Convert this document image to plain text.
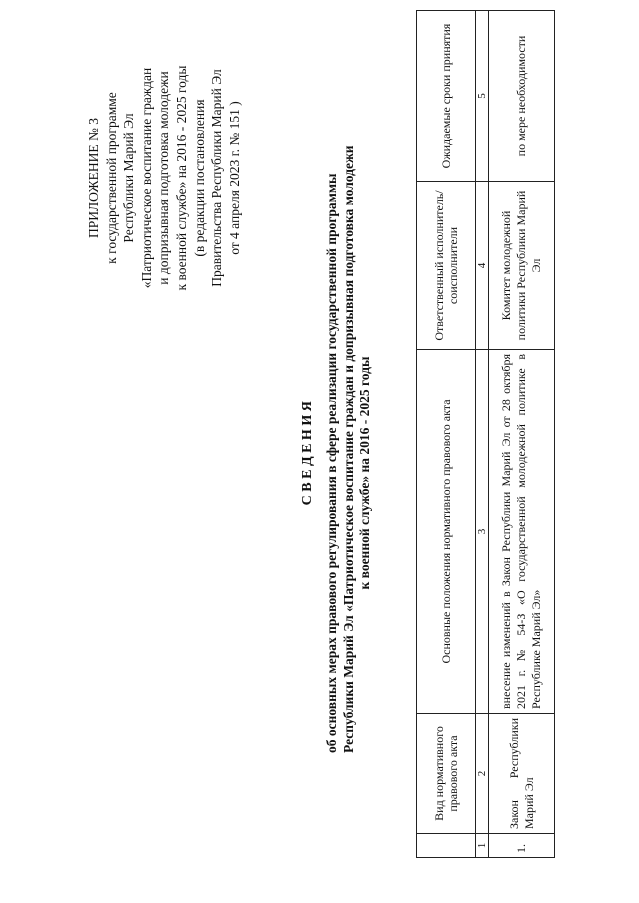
ПРИЛОЖЕНИЕ № 3 к государственной программе Республики Марий Эл «Патриотическое воспитание граждан и допризывная подготовка молодежи к военной службе» на 2016 - 2025 годы (в редакции постановления Правительства Республики Марий Эл от 4 апреля 2023 г. № 151 )
СВЕДЕНИЯ об основных мерах правового регулирования в сфере реализации государственной программы Республики Марий Эл «Патриотическое воспитание граждан и допризывная подготовка молодежи к военной службе» на 2016 - 2025 годы
	Вид нормативного правового акта	Основные положения нормативного правового акта	Ответственный исполнитель/ соисполнители	Ожидаемые сроки принятия
1	2	3	4	5
1.	Закон Республики Марий Эл	внесение изменений в Закон Республики Марий Эл от 28 октября 2021 г. № 54-З «О государственной молодежной политике в Республике Марий Эл»	Комитет молодежной политики Республики Марий Эл	по мере необходимости
